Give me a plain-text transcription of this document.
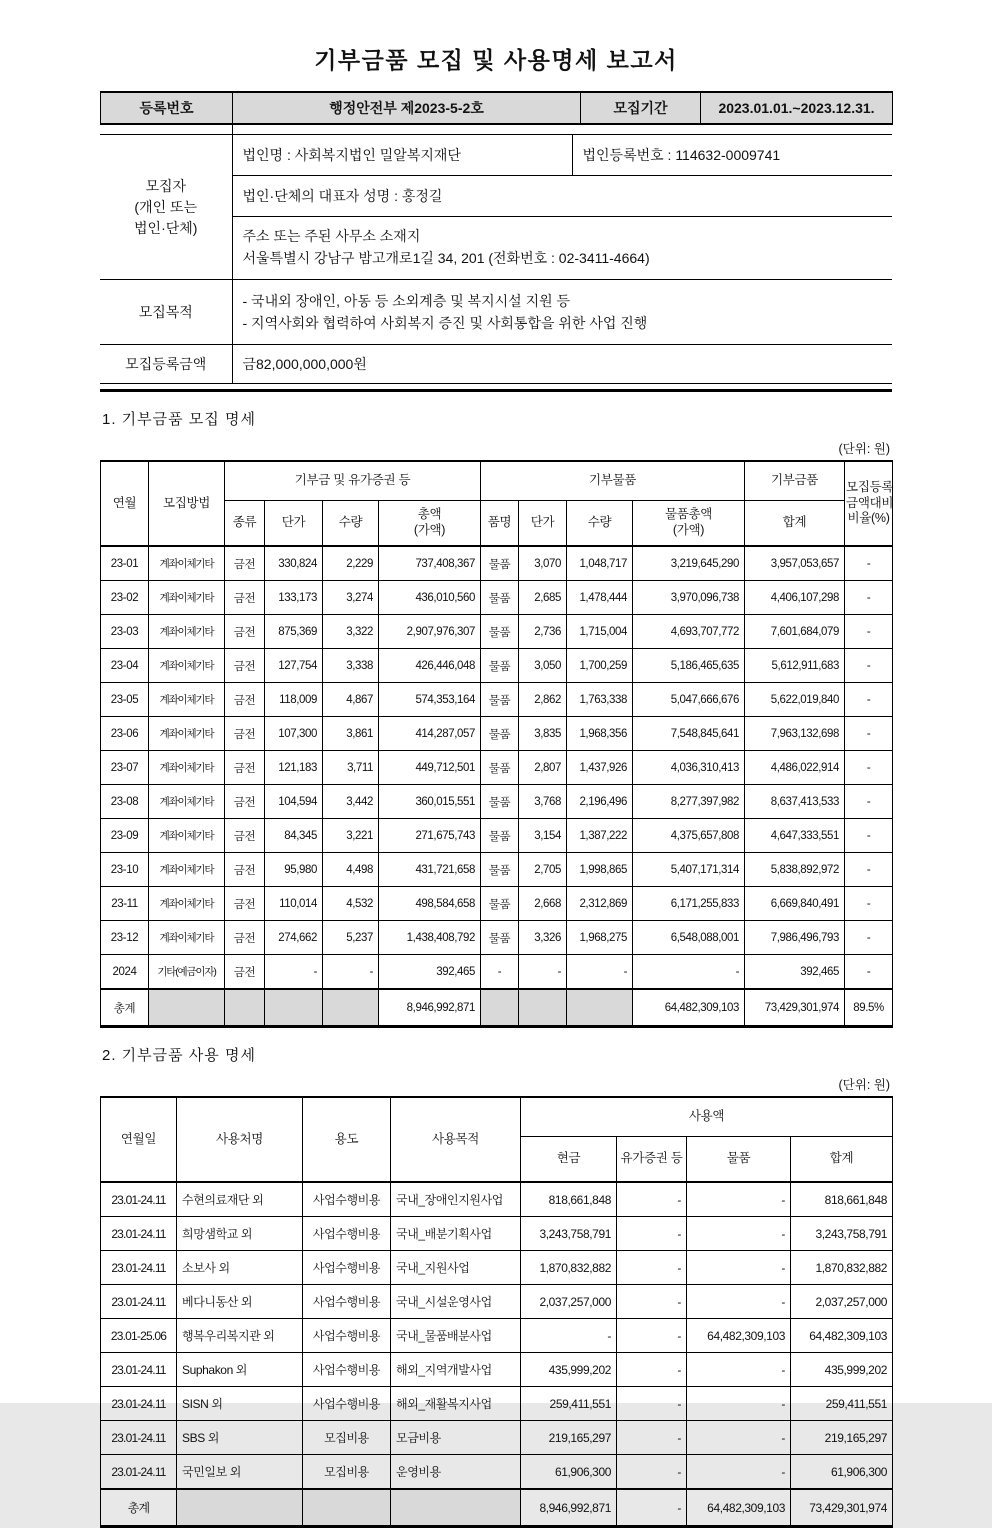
기부금품 모집 및 사용명세 보고서
등록번호	행정안전부 제2023-5-2호	모집기간	2023.01.01.~2023.12.31.
모집자
(개인 또는
법인·단체)	법인명 : 사회복지법인 밀알복지재단	법인등록번호 : 114632-0009741
	법인·단체의 대표자 성명 : 홍정길	

	주소 또는 주된 사무소 소재지
서울특별시 강남구 밤고개로1길 34, 201 (전화번호 : 02-3411-4664)	

모집목적	- 국내외 장애인, 아동 등 소외계층 및 복지시설 지원 등
- 지역사회와 협력하여 사회복지 증진 및 사회통합을 위한 사업 진행	

모집등록금액	금82,000,000,000원	
1. 기부금품 모집 명세
(단위: 원)
연월	모집방법	기부금 및 유가증권 등				기부물품				기부금품	모집등록
금액대비
비율(%)

종류	단가	수량	
총액
(가액)
	품명	단가	수량	
물품총액
(가액)
	합계
23-01	계좌이체기타	금전	330,824	2,229	737,408,367	물품	3,070	1,048,717	3,219,645,290	3,957,053,657	-
23-02	계좌이체기타	금전	133,173	3,274	436,010,560	물품	2,685	1,478,444	3,970,096,738	4,406,107,298	-
23-03	계좌이체기타	금전	875,369	3,322	2,907,976,307	물품	2,736	1,715,004	4,693,707,772	7,601,684,079	-
23-04	계좌이체기타	금전	127,754	3,338	426,446,048	물품	3,050	1,700,259	5,186,465,635	5,612,911,683	-
23-05	계좌이체기타	금전	118,009	4,867	574,353,164	물품	2,862	1,763,338	5,047,666,676	5,622,019,840	-
23-06	계좌이체기타	금전	107,300	3,861	414,287,057	물품	3,835	1,968,356	7,548,845,641	7,963,132,698	-
23-07	계좌이체기타	금전	121,183	3,711	449,712,501	물품	2,807	1,437,926	4,036,310,413	4,486,022,914	-
23-08	계좌이체기타	금전	104,594	3,442	360,015,551	물품	3,768	2,196,496	8,277,397,982	8,637,413,533	-
23-09	계좌이체기타	금전	84,345	3,221	271,675,743	물품	3,154	1,387,222	4,375,657,808	4,647,333,551	-
23-10	계좌이체기타	금전	95,980	4,498	431,721,658	물품	2,705	1,998,865	5,407,171,314	5,838,892,972	-
23-11	계좌이체기타	금전	110,014	4,532	498,584,658	물품	2,668	2,312,869	6,171,255,833	6,669,840,491	-
23-12	계좌이체기타	금전	274,662	5,237	1,438,408,792	물품	3,326	1,968,275	6,548,088,001	7,986,496,793	-
2024	기타(예금이자)	금전	-	-	392,465	-	-	-	-	392,465	-
총계					8,946,992,871				64,482,309,103	73,429,301,974	89.5%
2. 기부금품 사용 명세
(단위: 원)
연월일	사용처명	용도	사용목적	사용액			
				현금	유가증권 등	물품	합계
23.01-24.11	수현의료재단 외	사업수행비용	국내_장애인지원사업	818,661,848	-	-	818,661,848
23.01-24.11	희망샘학교 외	사업수행비용	국내_배분기획사업	3,243,758,791	-	-	3,243,758,791
23.01-24.11	소보사 외	사업수행비용	국내_지원사업	1,870,832,882	-	-	1,870,832,882
23.01-24.11	베다니동산 외	사업수행비용	국내_시설운영사업	2,037,257,000	-	-	2,037,257,000
23.01-25.06	행복우리복지관 외	사업수행비용	국내_물품배분사업	-	-	64,482,309,103	64,482,309,103
23.01-24.11	Suphakon 외	사업수행비용	해외_지역개발사업	435,999,202	-	-	435,999,202
23.01-24.11	SISN 외	사업수행비용	해외_재활복지사업	259,411,551	-	-	259,411,551
23.01-24.11	SBS 외	모집비용	모금비용	219,165,297	-	-	219,165,297
23.01-24.11	국민일보 외	모집비용	운영비용	61,906,300	-	-	61,906,300
총계				8,946,992,871	-	64,482,309,103	73,429,301,974
